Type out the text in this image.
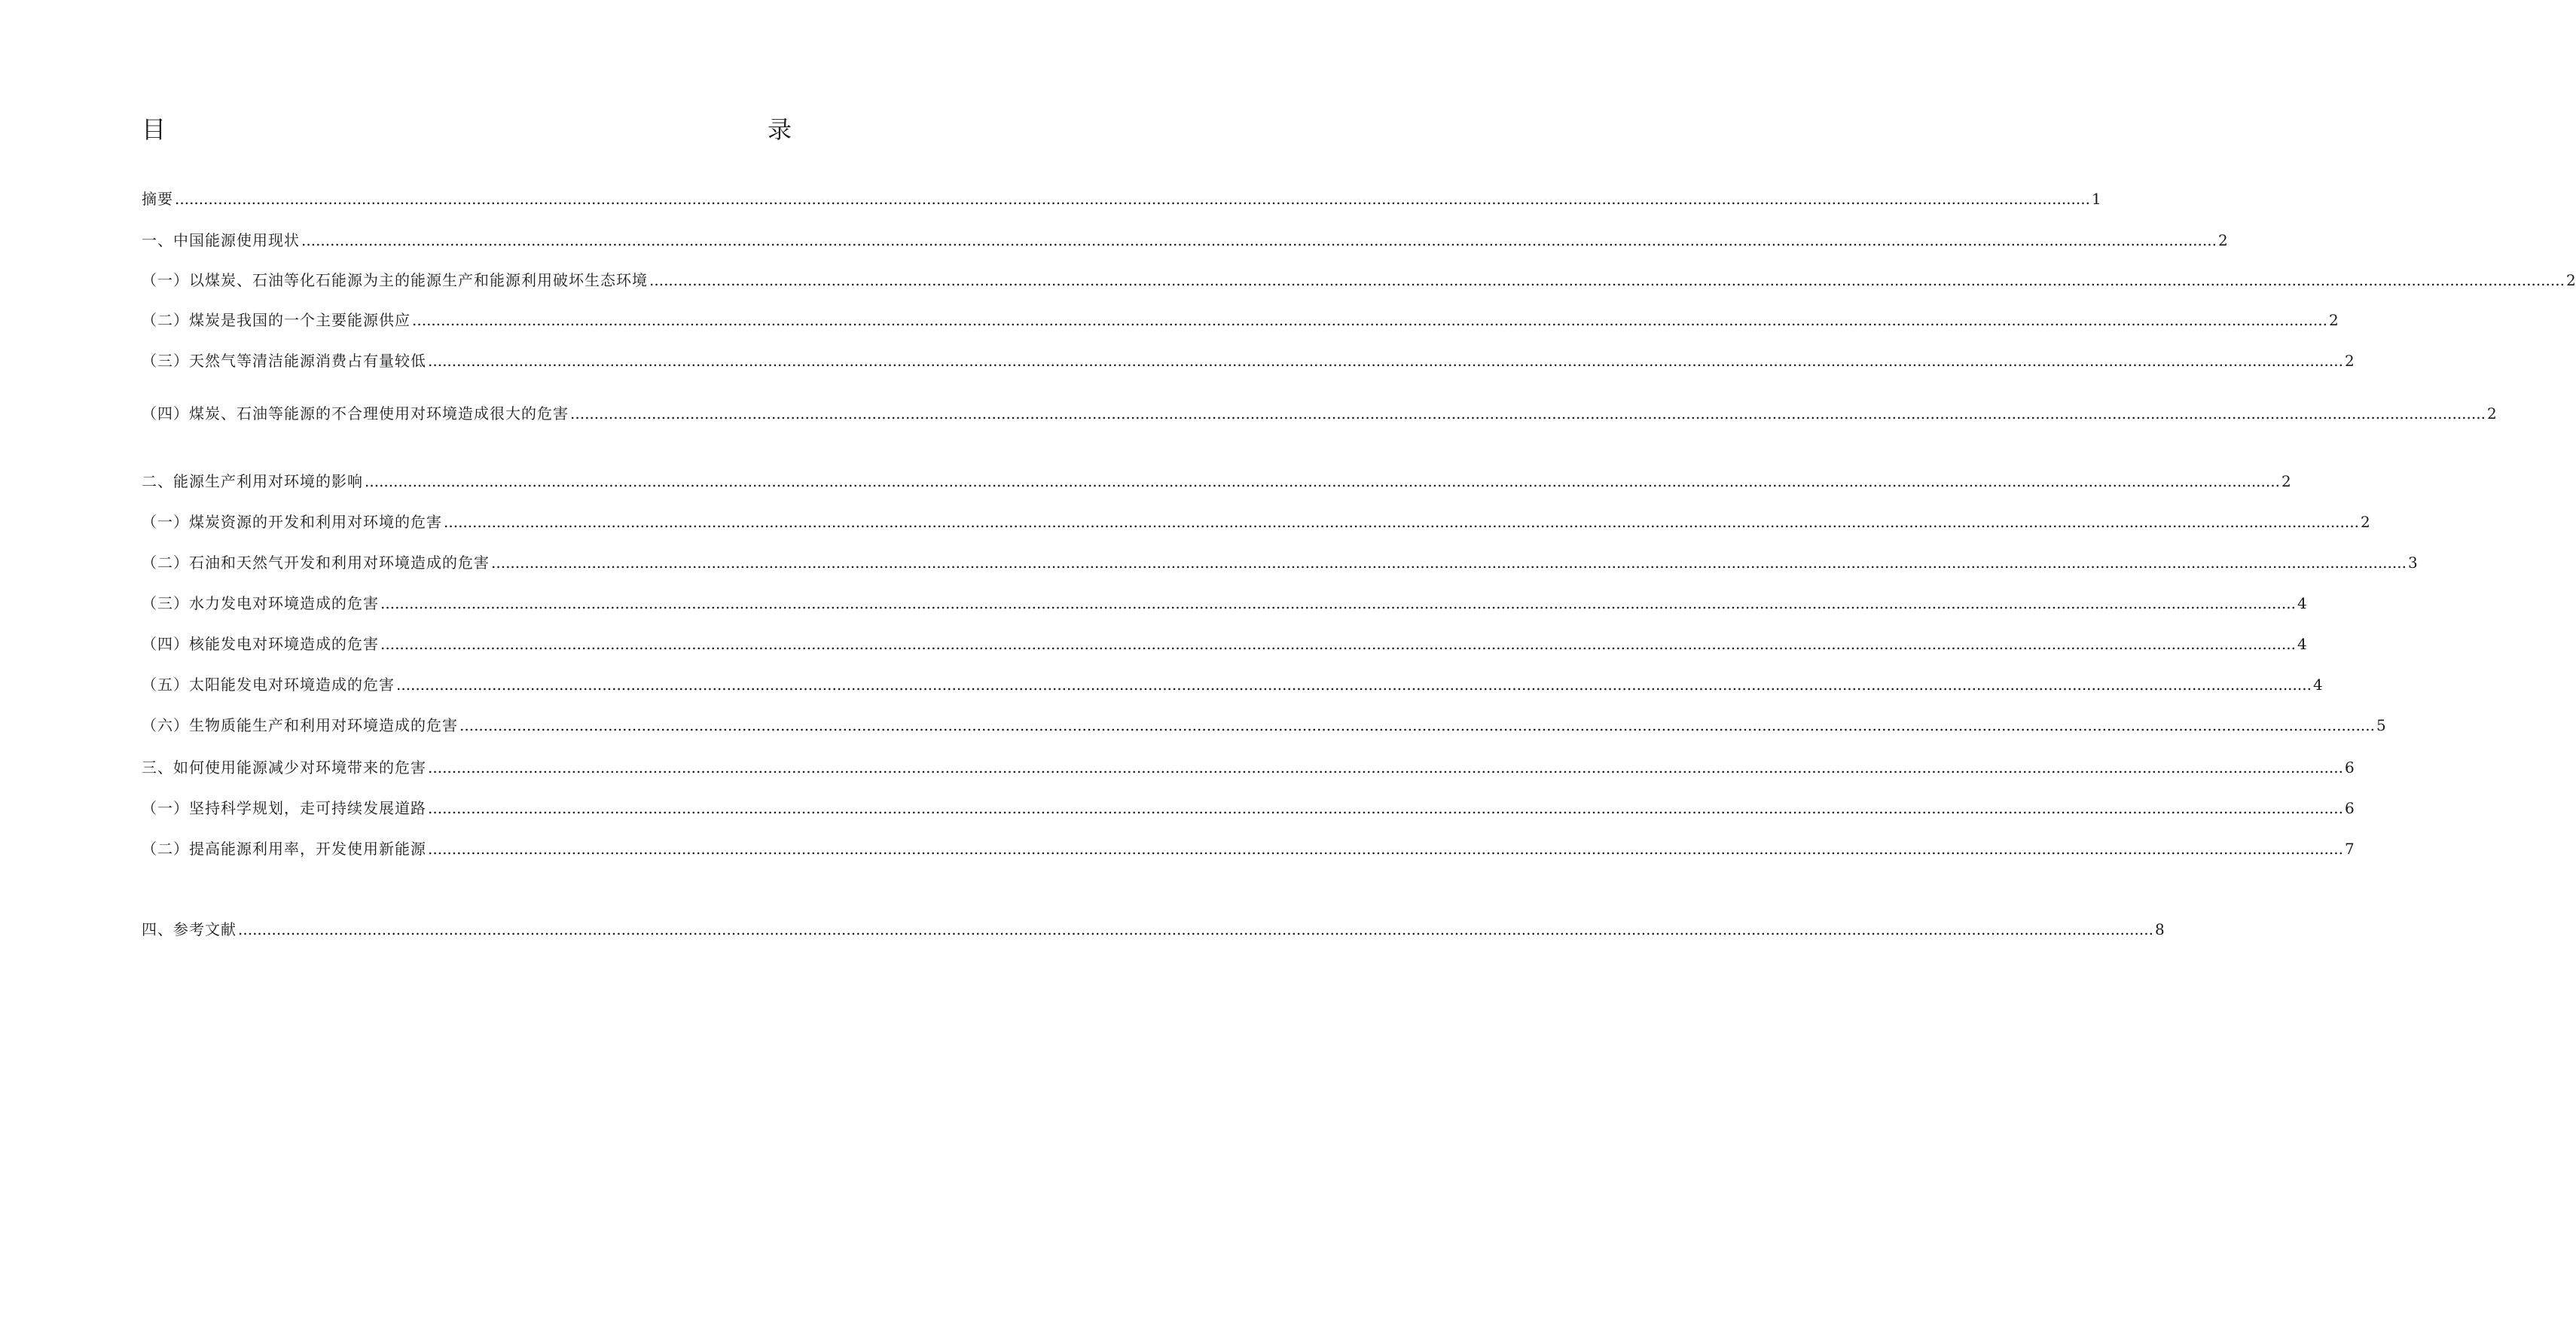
目	录
摘要 ................................................................................................................................................................................................................................................................................................................................................................................................................ 1
一、中国能源使用现状 ................................................................................................................................................................................................................................................................................................................................................................................................................ 2
（一）以煤炭、石油等化石能源为主的能源生产和能源利用破坏生态环境 ................................................................................................................................................................................................................................................................................................................................................................................................................ 2
（二）煤炭是我国的一个主要能源供应 ................................................................................................................................................................................................................................................................................................................................................................................................................ 2
（三）天然气等清洁能源消费占有量较低 ................................................................................................................................................................................................................................................................................................................................................................................................................ 2
（四）煤炭、石油等能源的不合理使用对环境造成很大的危害 ................................................................................................................................................................................................................................................................................................................................................................................................................ 2
二、能源生产利用对环境的影响 ................................................................................................................................................................................................................................................................................................................................................................................................................ 2
（一）煤炭资源的开发和利用对环境的危害 ................................................................................................................................................................................................................................................................................................................................................................................................................ 2
（二）石油和天然气开发和利用对环境造成的危害 ................................................................................................................................................................................................................................................................................................................................................................................................................ 3
（三）水力发电对环境造成的危害 ................................................................................................................................................................................................................................................................................................................................................................................................................ 4
（四）核能发电对环境造成的危害 ................................................................................................................................................................................................................................................................................................................................................................................................................ 4
（五）太阳能发电对环境造成的危害 ................................................................................................................................................................................................................................................................................................................................................................................................................ 4
（六）生物质能生产和利用对环境造成的危害 ................................................................................................................................................................................................................................................................................................................................................................................................................ 5
三、如何使用能源减少对环境带来的危害 ................................................................................................................................................................................................................................................................................................................................................................................................................ 6
（一）坚持科学规划，走可持续发展道路 ................................................................................................................................................................................................................................................................................................................................................................................................................ 6
（二）提高能源利用率，开发使用新能源 ................................................................................................................................................................................................................................................................................................................................................................................................................ 7
四、参考文献 ................................................................................................................................................................................................................................................................................................................................................................................................................ 8
